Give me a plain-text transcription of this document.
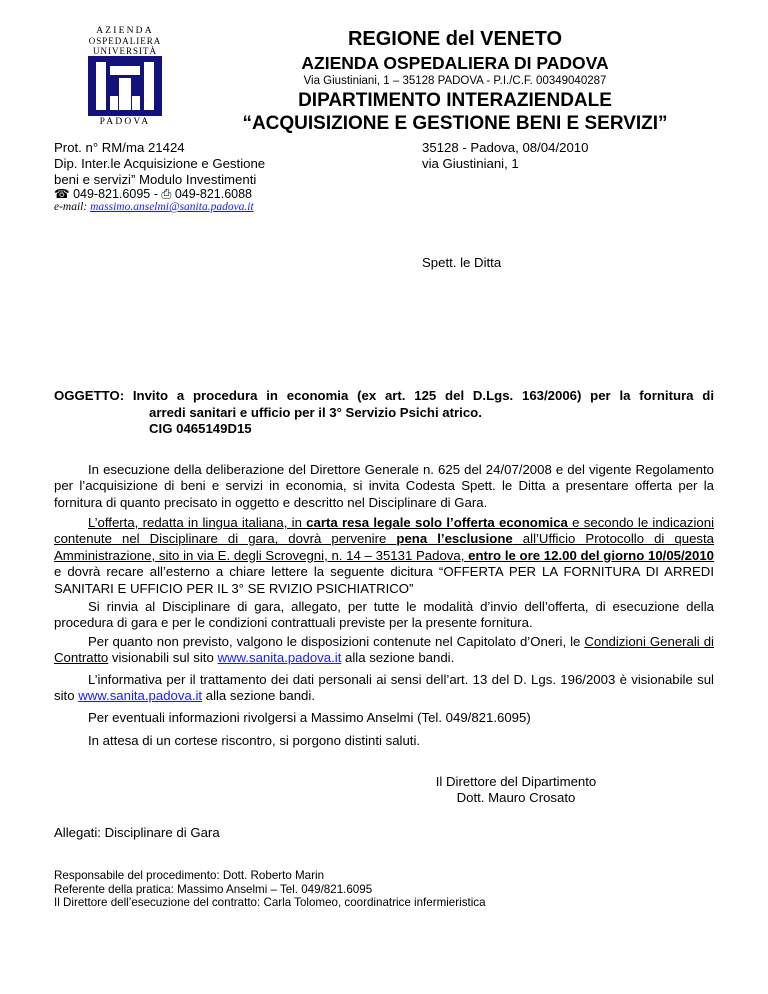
AZIENDA
OSPEDALIERA
UNIVERSITÀ
PADOVA
REGIONE del VENETO
AZIENDA OSPEDALIERA DI PADOVA
Via Giustiniani, 1 – 35128 PADOVA - P.I./C.F. 00349040287
DIPARTIMENTO INTERAZIENDALE
“ACQUISIZIONE E GESTIONE BENI E SERVIZI”
Prot. n° RM/ma 21424
Dip. Inter.le Acquisizione e Gestione
beni e servizi” Modulo Investimenti
☎ 049-821.6095 - ⎙ 049-821.6088
e-mail: massimo.anselmi@sanita.padova.it
35128 - Padova, 08/04/2010
via Giustiniani, 1
Spett. le Ditta
OGGETTO: Invito a procedura in economia (ex art. 125 del D.Lgs. 163/2006) per la fornitura di
arredi sanitari e ufficio per il 3° Servizio Psichi atrico.
CIG 0465149D15
In esecuzione della deliberazione del Direttore Generale n. 625 del 24/07/2008 e del vigente Regolamento per l’acquisizione di beni e servizi in economia, si invita Codesta Spett. le Ditta a presentare offerta per la fornitura di quanto precisato in oggetto e descritto nel Disciplinare di Gara.
L’offerta, redatta in lingua italiana, in carta resa legale solo l’offerta economica e secondo le indicazioni contenute nel Disciplinare di gara, dovrà pervenire pena l’esclusione all’Ufficio Protocollo di questa Amministrazione, sito in via E. degli Scrovegni, n. 14 – 35131 Padova, entro le ore 12.00 del giorno 10/05/2010 e dovrà recare all’esterno a chiare lettere la seguente dicitura “OFFERTA PER LA FORNITURA DI ARREDI SANITARI E UFFICIO PER IL 3° SE RVIZIO PSICHIATRICO”
Si rinvia al Disciplinare di gara, allegato, per tutte le modalità d’invio dell’offerta, di esecuzione della procedura di gara e per le condizioni contrattuali previste per la presente fornitura.
Per quanto non previsto, valgono le disposizioni contenute nel Capitolato d’Oneri, le Condizioni Generali di Contratto visionabili sul sito www.sanita.padova.it alla sezione bandi.
L’informativa per il trattamento dei dati personali ai sensi dell’art. 13 del D. Lgs. 196/2003 è visionabile sul sito www.sanita.padova.it alla sezione bandi.
Per eventuali informazioni rivolgersi a Massimo Anselmi (Tel. 049/821.6095)
In attesa di un cortese riscontro, si porgono distinti saluti.
Il Direttore del Dipartimento
Dott. Mauro Crosato
Allegati: Disciplinare di Gara
Responsabile del procedimento: Dott. Roberto Marin
Referente della pratica: Massimo Anselmi – Tel. 049/821.6095
Il Direttore dell’esecuzione del contratto: Carla Tolomeo, coordinatrice infermieristica
